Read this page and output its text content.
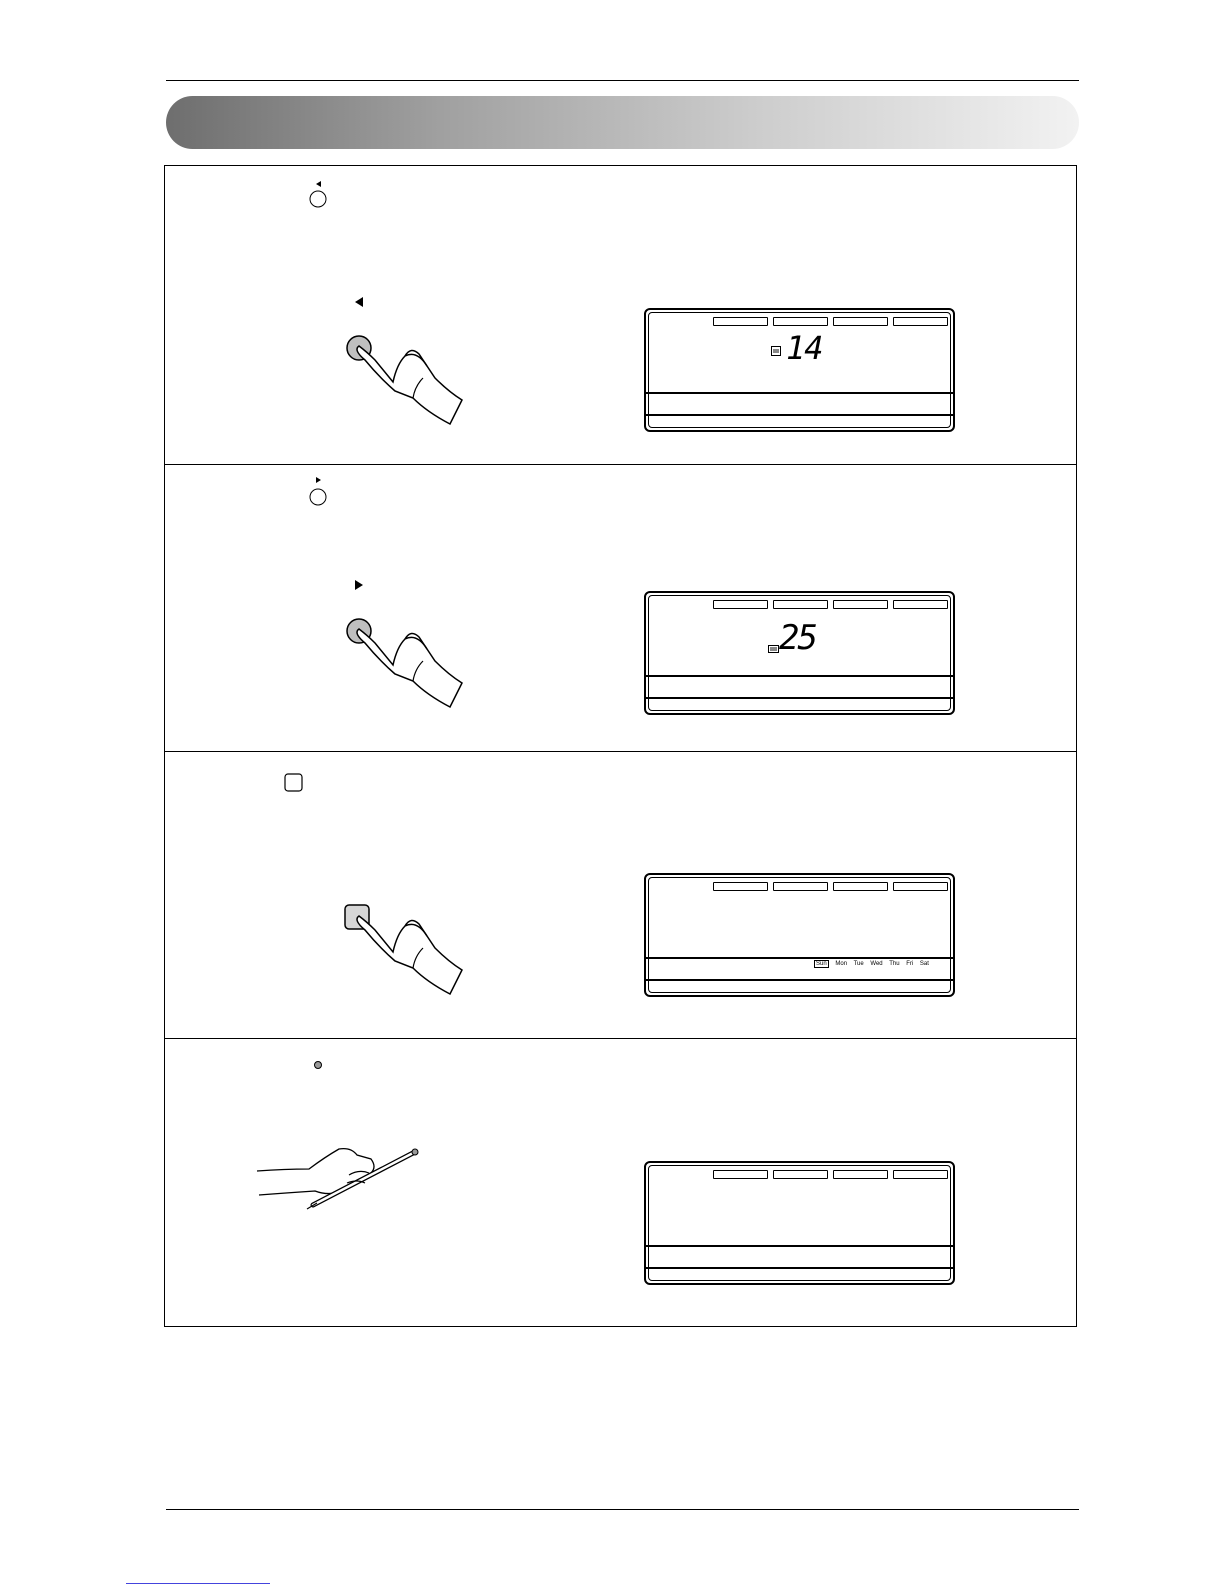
14
25
Sun Mon Tue Wed Thu Fri Sat
